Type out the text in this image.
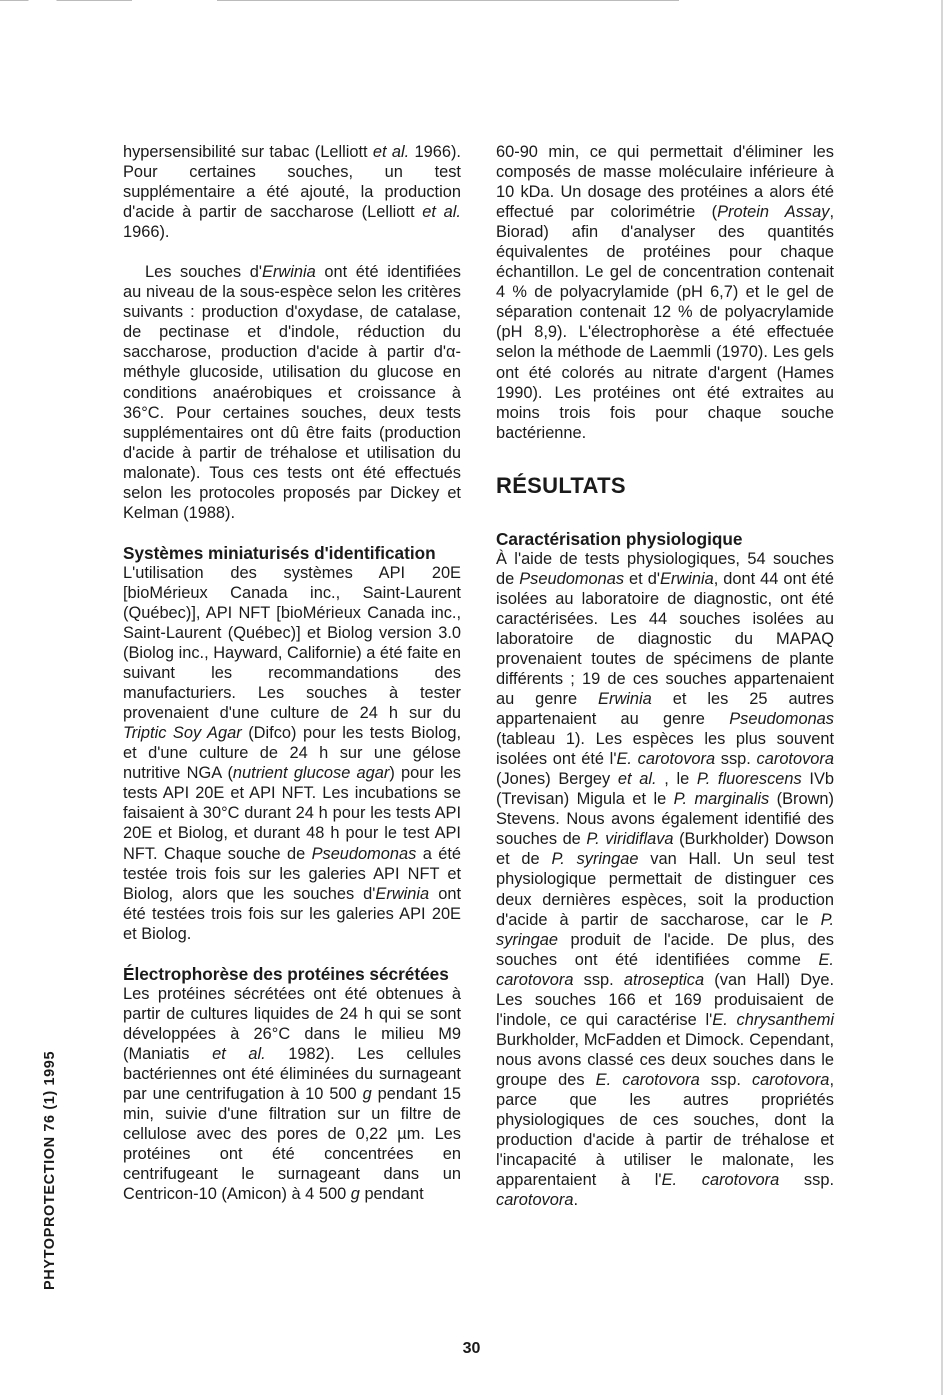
PHYTOPROTECTION 76 (1) 1995

hypersensibilité sur tabac (Lelliott et al. 1966). Pour certaines souches, un test supplémentaire a été ajouté, la production d'acide à partir de saccharose (Lelliott et al. 1966).

Les souches d'Erwinia ont été identifiées au niveau de la sous-espèce selon les critères suivants : production d'oxydase, de catalase, de pectinase et d'indole, réduction du saccharose, production d'acide à partir d'α-méthyle glucoside, utilisation du glucose en conditions anaérobiques et croissance à 36°C. Pour certaines souches, deux tests supplémentaires ont dû être faits (production d'acide à partir de tréhalose et utilisation du malonate). Tous ces tests ont été effectués selon les protocoles proposés par Dickey et Kelman (1988).

Systèmes miniaturisés d'identification

L'utilisation des systèmes API 20E [bioMérieux Canada inc., Saint-Laurent (Québec)], API NFT [bioMérieux Canada inc., Saint-Laurent (Québec)] et Biolog version 3.0 (Biolog inc., Hayward, Californie) a été faite en suivant les recommandations des manufacturiers. Les souches à tester provenaient d'une culture de 24 h sur du Triptic Soy Agar (Difco) pour les tests Biolog, et d'une culture de 24 h sur une gélose nutritive NGA (nutrient glucose agar) pour les tests API 20E et API NFT. Les incubations se faisaient à 30°C durant 24 h pour les tests API 20E et Biolog, et durant 48 h pour le test API NFT. Chaque souche de Pseudomonas a été testée trois fois sur les galeries API NFT et Biolog, alors que les souches d'Erwinia ont été testées trois fois sur les galeries API 20E et Biolog.

Électrophorèse des protéines sécrétées

Les protéines sécrétées ont été obtenues à partir de cultures liquides de 24 h qui se sont développées à 26°C dans le milieu M9 (Maniatis et al. 1982). Les cellules bactériennes ont été éliminées du surnageant par une centrifugation à 10 500 g pendant 15 min, suivie d'une filtration sur un filtre de cellulose avec des pores de 0,22 µm. Les protéines ont été concentrées en centrifugeant le surnageant dans un Centricon-10 (Amicon) à 4 500 g pendant

60-90 min, ce qui permettait d'éliminer les composés de masse moléculaire inférieure à 10 kDa. Un dosage des protéines a alors été effectué par colorimétrie (Protein Assay, Biorad) afin d'analyser des quantités équivalentes de protéines pour chaque échantillon. Le gel de concentration contenait 4 % de polyacrylamide (pH 6,7) et le gel de séparation contenait 12 % de polyacrylamide (pH 8,9). L'électrophorèse a été effectuée selon la méthode de Laemmli (1970). Les gels ont été colorés au nitrate d'argent (Hames 1990). Les protéines ont été extraites au moins trois fois pour chaque souche bactérienne.

RÉSULTATS
Caractérisation physiologique

À l'aide de tests physiologiques, 54 souches de Pseudomonas et d'Erwinia, dont 44 ont été isolées au laboratoire de diagnostic, ont été caractérisées. Les 44 souches isolées au laboratoire de diagnostic du MAPAQ provenaient toutes de spécimens de plante différents ; 19 de ces souches appartenaient au genre Erwinia et les 25 autres appartenaient au genre Pseudomonas (tableau 1). Les espèces les plus souvent isolées ont été l'E. carotovora ssp. carotovora (Jones) Bergey et al. , le P. fluorescens IVb (Trevisan) Migula et le P. marginalis (Brown) Stevens. Nous avons également identifié des souches de P. viridiflava (Burkholder) Dowson et de P. syringae van Hall. Un seul test physiologique permettait de distinguer ces deux dernières espèces, soit la production d'acide à partir de saccharose, car le P. syringae produit de l'acide. De plus, des souches ont été identifiées comme E. carotovora ssp. atroseptica (van Hall) Dye. Les souches 166 et 169 produisaient de l'indole, ce qui caractérise l'E. chrysanthemi Burkholder, McFadden et Dimock. Cependant, nous avons classé ces deux souches dans le groupe des E. carotovora ssp. carotovora, parce que les autres propriétés physiologiques de ces souches, dont la production d'acide à partir de tréhalose et l'incapacité à utiliser le malonate, les apparentaient à l'E. carotovora ssp. carotovora.

30
